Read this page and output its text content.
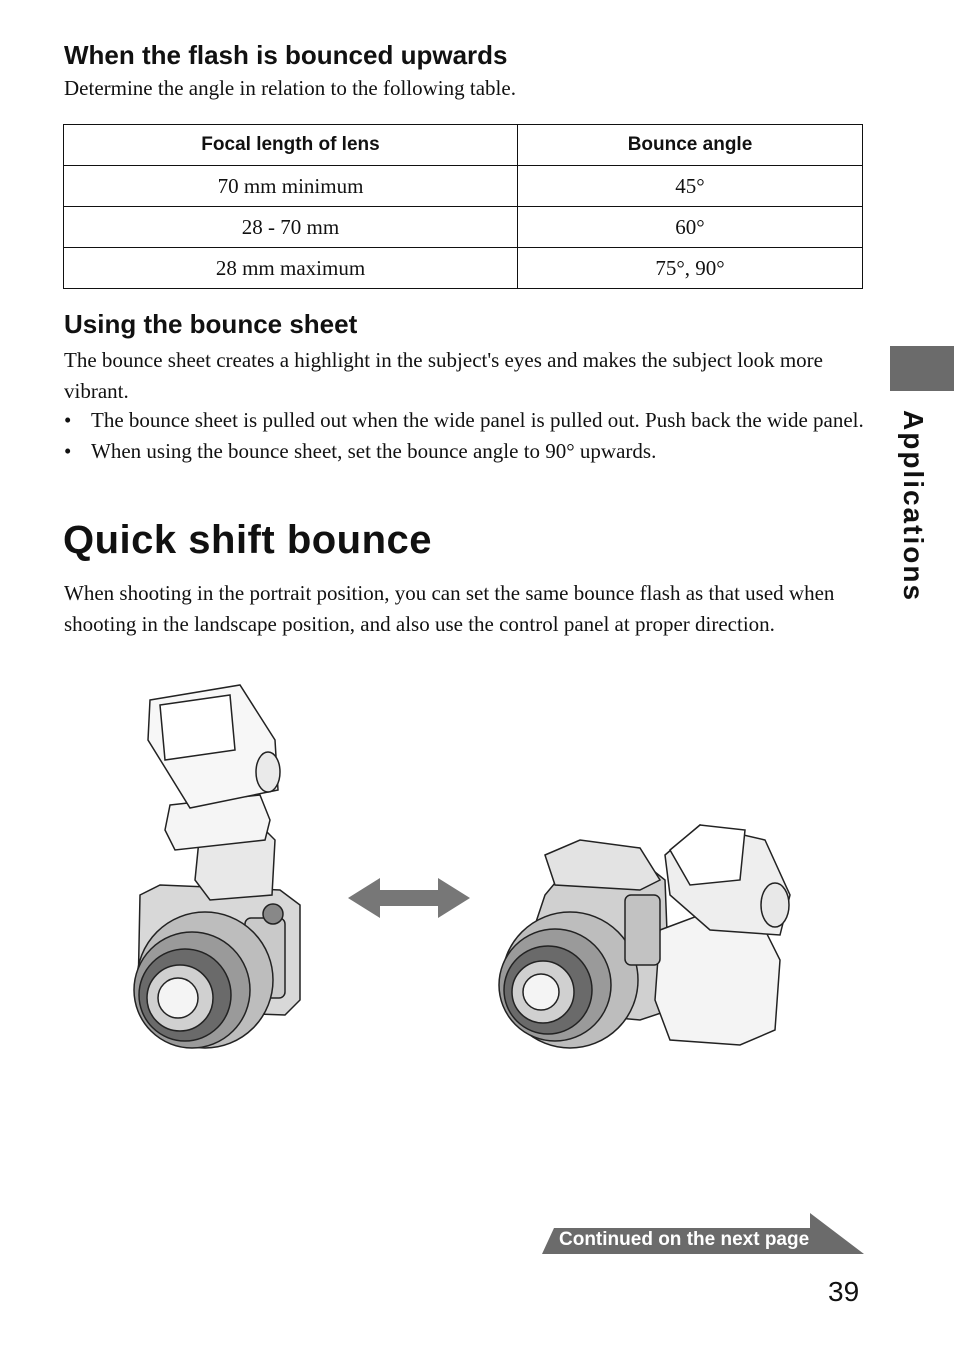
When the flash is bounced upwards

Determine the angle in relation to the following table.

Focal length of lens	Bounce angle
70 mm minimum	45°
28 - 70 mm	60°
28 mm maximum	75°, 90°
Using the bounce sheet

The bounce sheet creates a highlight in the subject's eyes and makes the subject look more vibrant.

• The bounce sheet is pulled out when the wide panel is pulled out. Push back the wide panel.
• When using the bounce sheet, set the bounce angle to 90° upwards.
Quick shift bounce

When shooting in the portrait position, you can set the same bounce flash as that used when shooting in the landscape position, and also use the control panel at proper direction.

Applications
Continued on the next page
39
